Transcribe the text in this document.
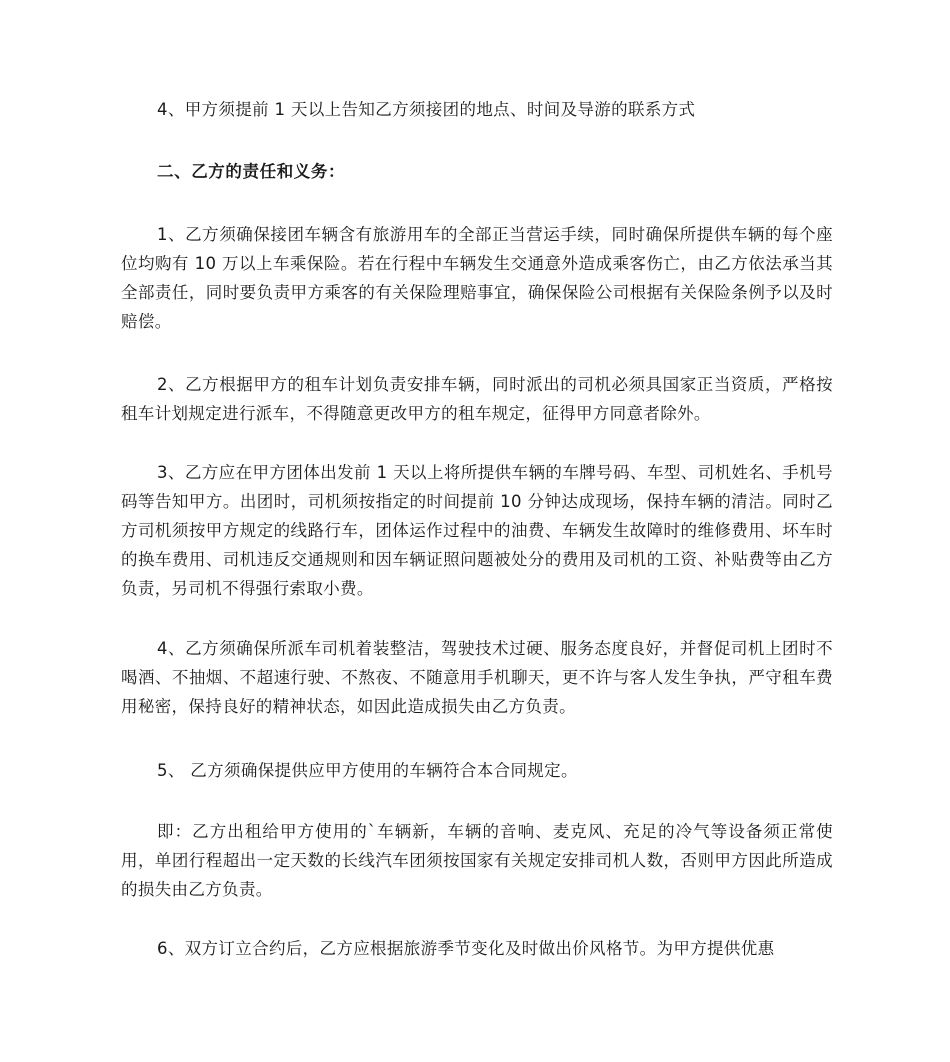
4、甲方须提前 1 天以上告知乙方须接团的地点、时间及导游的联系方式

二、乙方的责任和义务：

1、乙方须确保接团车辆含有旅游用车的全部正当营运手续，同时确保所提供车辆的每个座位均购有 10 万以上车乘保险。若在行程中车辆发生交通意外造成乘客伤亡，由乙方依法承当其全部责任，同时要负责甲方乘客的有关保险理赔事宜，确保保险公司根据有关保险条例予以及时赔偿。

2、乙方根据甲方的租车计划负责安排车辆，同时派出的司机必须具国家正当资质，严格按租车计划规定进行派车，不得随意更改甲方的租车规定，征得甲方同意者除外。

3、乙方应在甲方团体出发前 1 天以上将所提供车辆的车牌号码、车型、司机姓名、手机号码等告知甲方。出团时，司机须按指定的时间提前 10 分钟达成现场，保持车辆的清洁。同时乙方司机须按甲方规定的线路行车，团体运作过程中的油费、车辆发生故障时的维修费用、坏车时的换车费用、司机违反交通规则和因车辆证照问题被处分的费用及司机的工资、补贴费等由乙方负责，另司机不得强行索取小费。

4、乙方须确保所派车司机着装整洁，驾驶技术过硬、服务态度良好，并督促司机上团时不喝酒、不抽烟、不超速行驶、不熬夜、不随意用手机聊天，更不许与客人发生争执，严守租车费用秘密，保持良好的精神状态，如因此造成损失由乙方负责。

5、 乙方须确保提供应甲方使用的车辆符合本合同规定。

即：乙方出租给甲方使用的`车辆新，车辆的音响、麦克风、充足的冷气等设备须正常使用，单团行程超出一定天数的长线汽车团须按国家有关规定安排司机人数，否则甲方因此所造成的损失由乙方负责。

6、双方订立合约后，乙方应根据旅游季节变化及时做出价风格节。为甲方提供优惠
